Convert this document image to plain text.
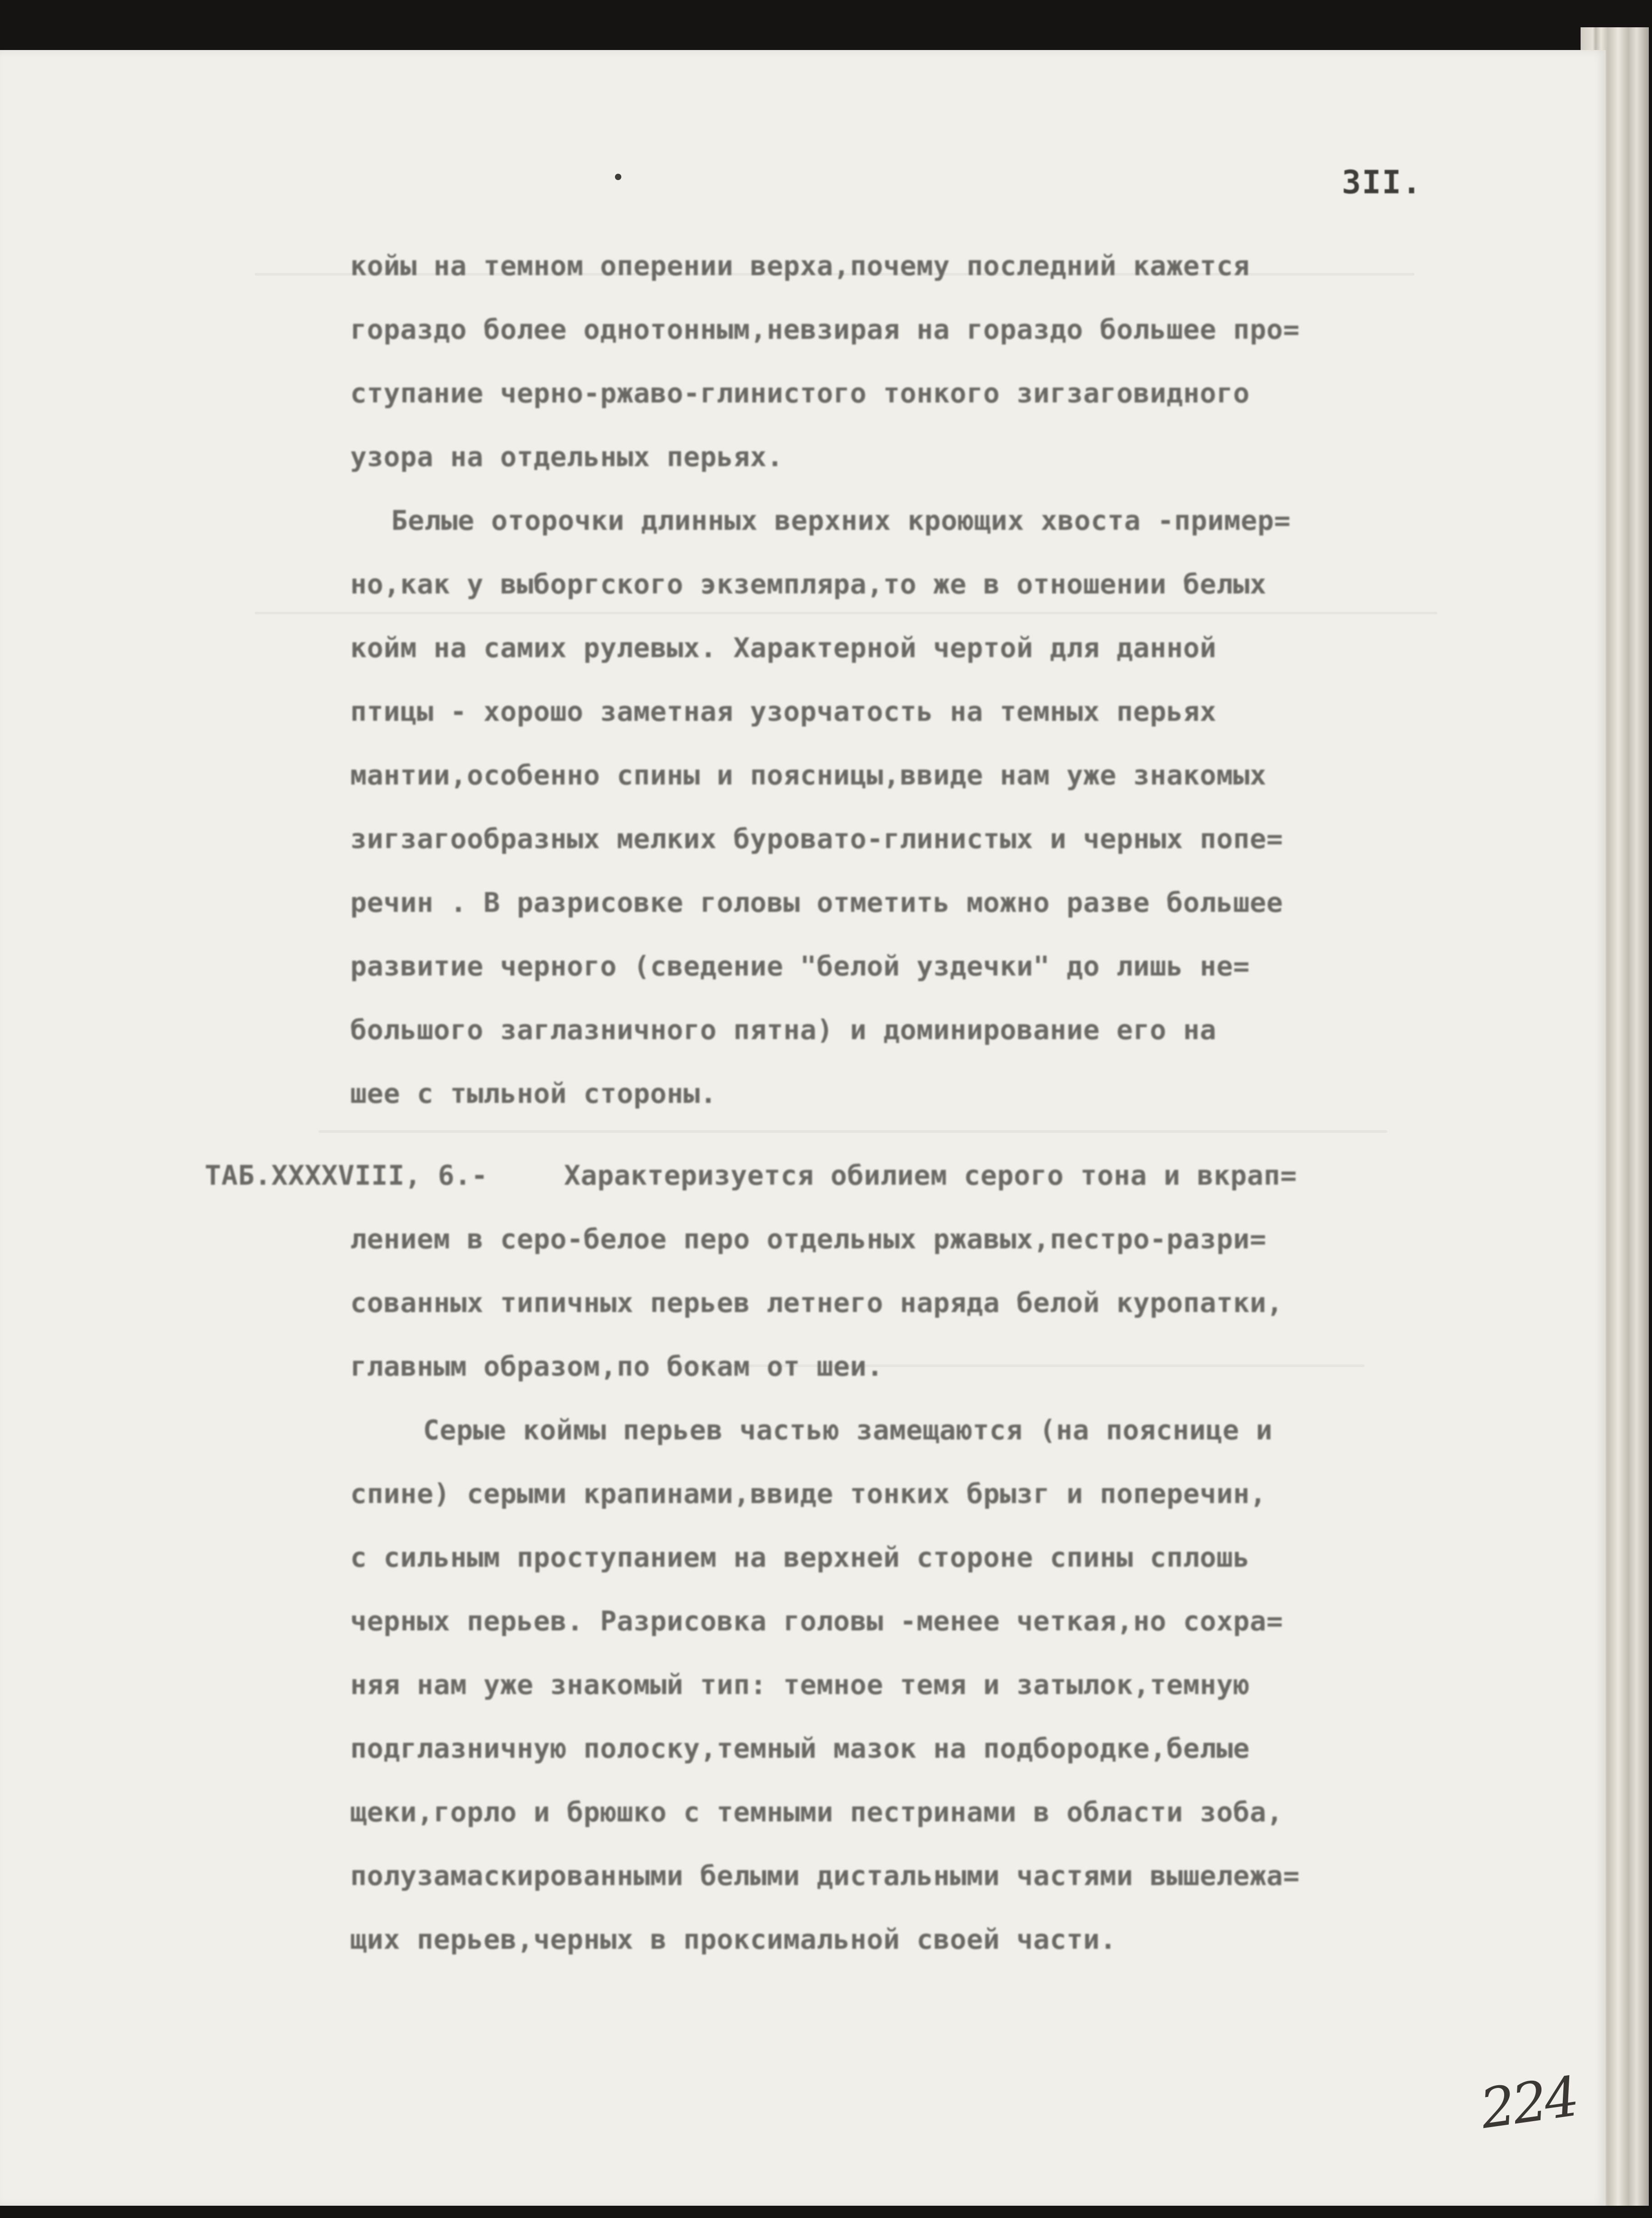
3II.
койы на темном оперении верха,почему последний кажется
гораздо более однотонным,невзирая на гораздо большее про=
ступание черно-ржаво-глинистого тонкого зигзаговидного
узора на отдельных перьях.
Белые оторочки длинных верхних кроющих хвоста -пример=
но,как у выборгского экземпляра,то же в отношении белых
койм на самих рулевых. Характерной чертой для данной
птицы - хорошо заметная узорчатость на темных перьях
мантии,особенно спины и поясницы,ввиде нам уже знакомых
зигзагообразных мелких буровато-глинистых и черных попе=
речин . В разрисовке головы отметить можно разве большее
развитие черного (сведение "белой уздечки" до лишь не=
большого заглазничного пятна) и доминирование его на
шее с тыльной стороны.
ТАБ.XXXXVIII, 6.-	Характеризуется обилием серого тона и вкрап=
лением в серо-белое перо отдельных ржавых,пестро-разри=
сованных типичных перьев летнего наряда белой куропатки,
главным образом,по бокам от шеи.
Серые коймы перьев частью замещаются (на пояснице и
спине) серыми крапинами,ввиде тонких брызг и поперечин,
с сильным проступанием на верхней стороне спины сплошь
черных перьев. Разрисовка головы -менее четкая,но сохра=
няя нам уже знакомый тип: темное темя и затылок,темную
подглазничную полоску,темный мазок на подбородке,белые
щеки,горло и брюшко с темными пестринами в области зоба,
полузамаскированными белыми дистальными частями вышележа=
щих перьев,черных в проксимальной своей части.
224
